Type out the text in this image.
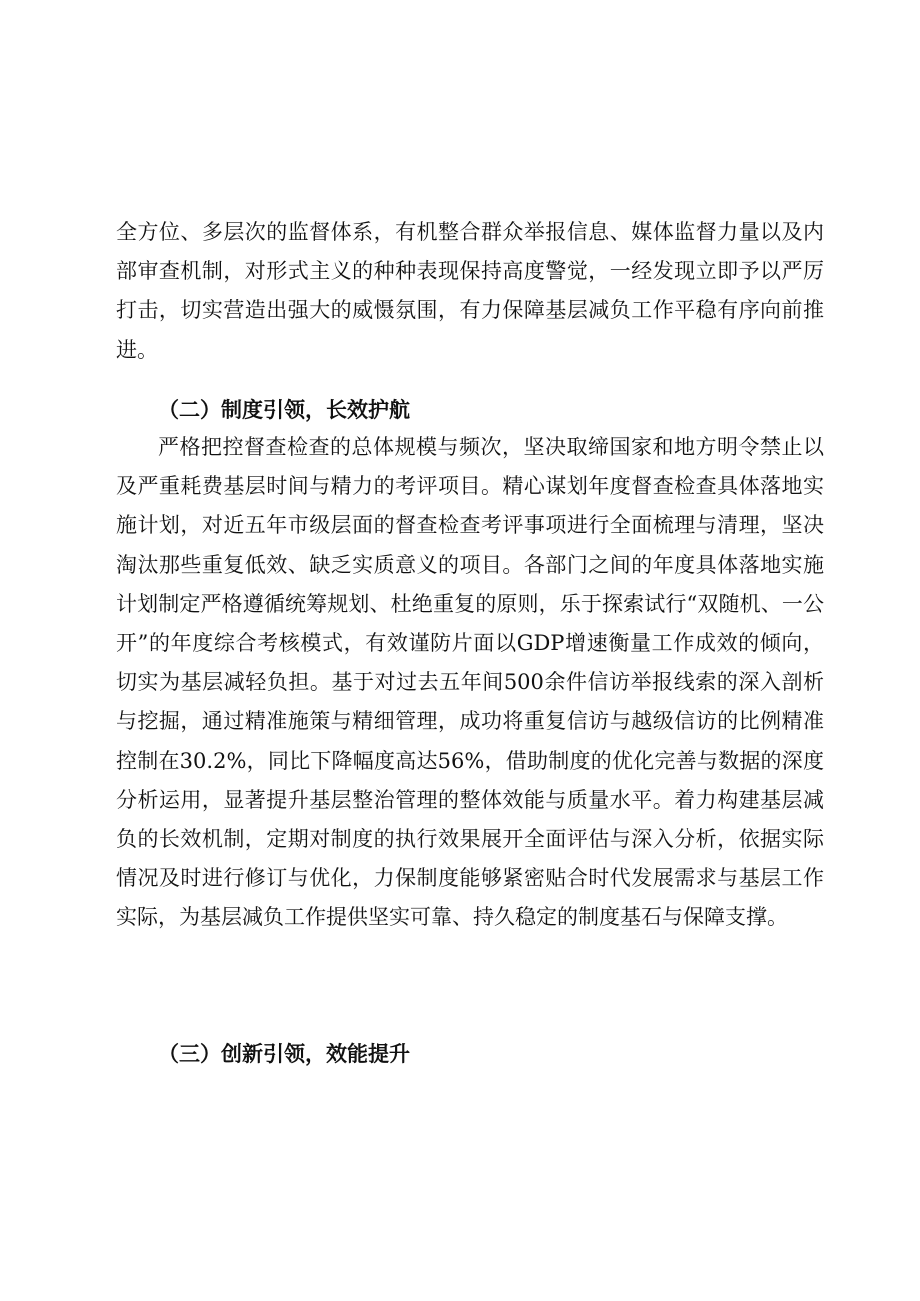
全方位、多层次的监督体系，有机整合群众举报信息、媒体监督力量以及内部审查机制，对形式主义的种种表现保持高度警觉，一经发现立即予以严厉打击，切实营造出强大的威慑氛围，有力保障基层减负工作平稳有序向前推进。

（二）制度引领，长效护航

严格把控督查检查的总体规模与频次，坚决取缔国家和地方明令禁止以及严重耗费基层时间与精力的考评项目。精心谋划年度督查检查具体落地实施计划，对近五年市级层面的督查检查考评事项进行全面梳理与清理，坚决淘汰那些重复低效、缺乏实质意义的项目。各部门之间的年度具体落地实施计划制定严格遵循统筹规划、杜绝重复的原则，乐于探索试行“双随机、一公开”的年度综合考核模式，有效谨防片面以GDP增速衡量工作成效的倾向，切实为基层减轻负担。基于对过去五年间500余件信访举报线索的深入剖析与挖掘，通过精准施策与精细管理，成功将重复信访与越级信访的比例精准控制在30.2%，同比下降幅度高达56%，借助制度的优化完善与数据的深度分析运用，显著提升基层整治管理的整体效能与质量水平。着力构建基层减负的长效机制，定期对制度的执行效果展开全面评估与深入分析，依据实际情况及时进行修订与优化，力保制度能够紧密贴合时代发展需求与基层工作实际，为基层减负工作提供坚实可靠、持久稳定的制度基石与保障支撑。

（三）创新引领，效能提升
